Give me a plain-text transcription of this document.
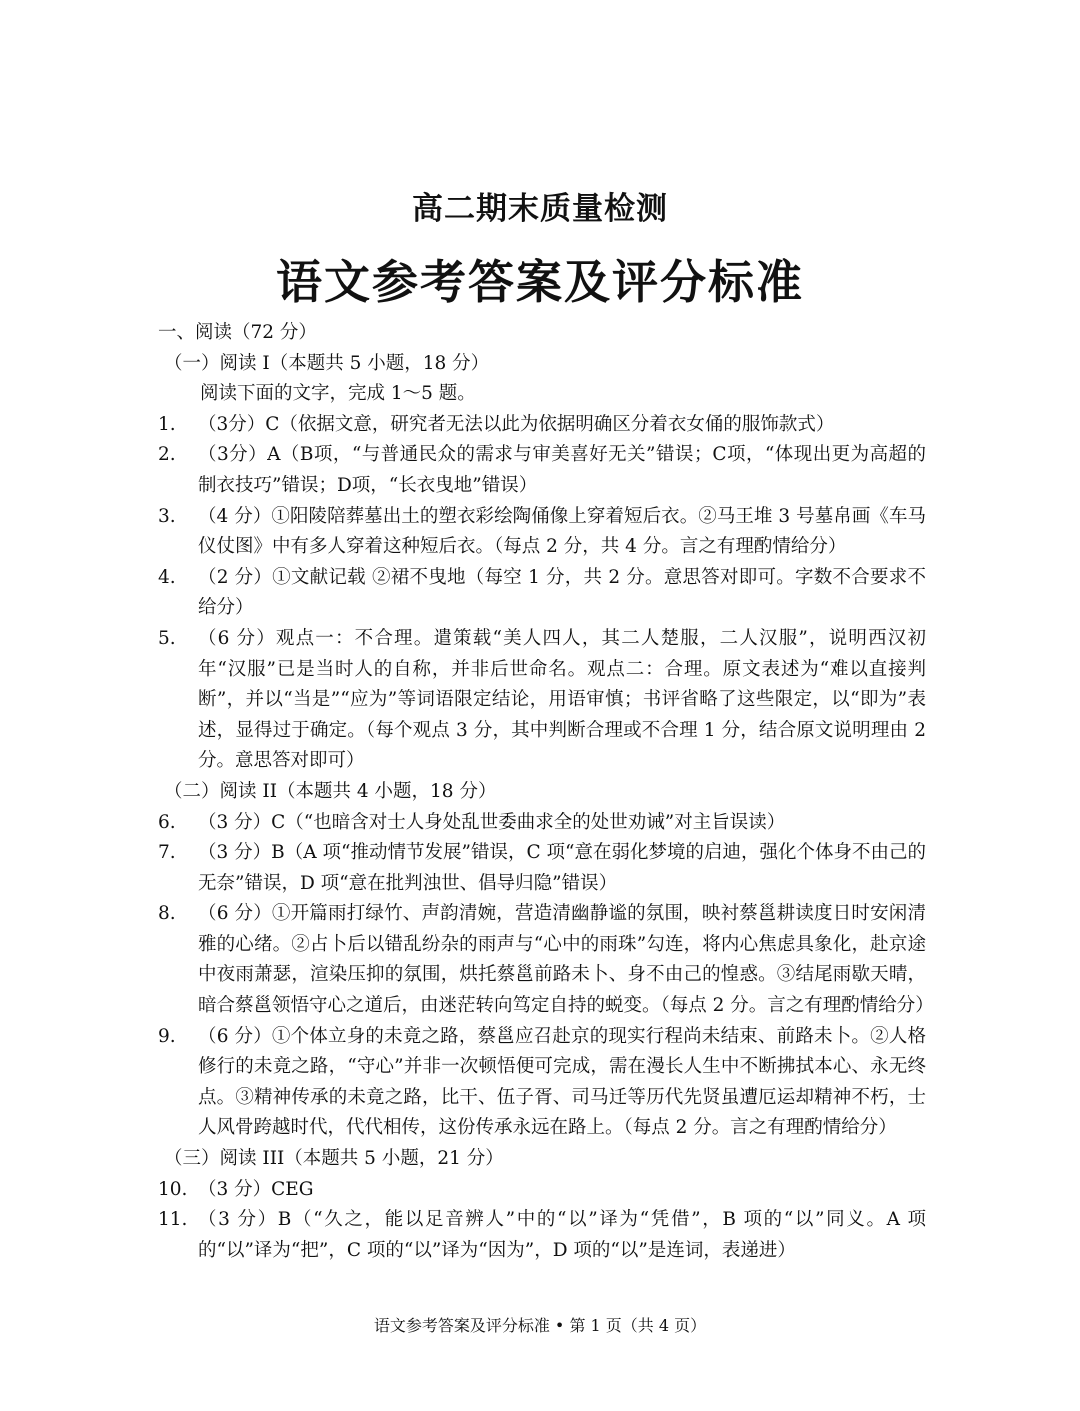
高二期末质量检测
语文参考答案及评分标准
一、阅读（72 分）
（一）阅读 I（本题共 5 小题，18 分）
阅读下面的文字，完成 1～5 题。
1.	（3分）C（依据文意，研究者无法以此为依据明确区分着衣女俑的服饰款式）
2.	（3分）A（B项，“与普通民众的需求与审美喜好无关”错误；C项，“体现出更为高超的制衣技巧”错误；D项，“长衣曳地”错误）
3.	（4 分）①阳陵陪葬墓出土的塑衣彩绘陶俑像上穿着短后衣。②马王堆 3 号墓帛画《车马仪仗图》中有多人穿着这种短后衣。（每点 2 分，共 4 分。言之有理酌情给分）
4.	（2 分）①文献记载 ②裙不曳地（每空 1 分，共 2 分。意思答对即可。字数不合要求不给分）
5.	（6 分）观点一：不合理。遣策载“美人四人，其二人楚服，二人汉服”，说明西汉初年“汉服”已是当时人的自称，并非后世命名。观点二：合理。原文表述为“难以直接判断”，并以“当是”“应为”等词语限定结论，用语审慎；书评省略了这些限定，以“即为”表述，显得过于确定。（每个观点 3 分，其中判断合理或不合理 1 分，结合原文说明理由 2 分。意思答对即可）
（二）阅读 II（本题共 4 小题，18 分）
6.	（3 分）C（“也暗含对士人身处乱世委曲求全的处世劝诫”对主旨误读）
7.	（3 分）B（A 项“推动情节发展”错误，C 项“意在弱化梦境的启迪，强化个体身不由己的无奈”错误，D 项“意在批判浊世、倡导归隐”错误）
8.	（6 分）①开篇雨打绿竹、声韵清婉，营造清幽静谧的氛围，映衬蔡邕耕读度日时安闲清雅的心绪。②占卜后以错乱纷杂的雨声与“心中的雨珠”勾连，将内心焦虑具象化，赴京途中夜雨萧瑟，渲染压抑的氛围，烘托蔡邕前路未卜、身不由己的惶惑。③结尾雨歇天晴，暗合蔡邕领悟守心之道后，由迷茫转向笃定自持的蜕变。（每点 2 分。言之有理酌情给分）
9.	（6 分）①个体立身的未竟之路，蔡邕应召赴京的现实行程尚未结束、前路未卜。②人格修行的未竟之路，“守心”并非一次顿悟便可完成，需在漫长人生中不断拂拭本心、永无终点。③精神传承的未竟之路，比干、伍子胥、司马迁等历代先贤虽遭厄运却精神不朽，士人风骨跨越时代，代代相传，这份传承永远在路上。（每点 2 分。言之有理酌情给分）
（三）阅读 III（本题共 5 小题，21 分）
10. （3 分）CEG
11. （3 分）B（“久之，能以足音辨人”中的“以”译为“凭借”，B 项的“以”同义。A 项的“以”译为“把”，C 项的“以”译为“因为”，D 项的“以”是连词，表递进）
语文参考答案及评分标准 • 第 1 页（共 4 页）
